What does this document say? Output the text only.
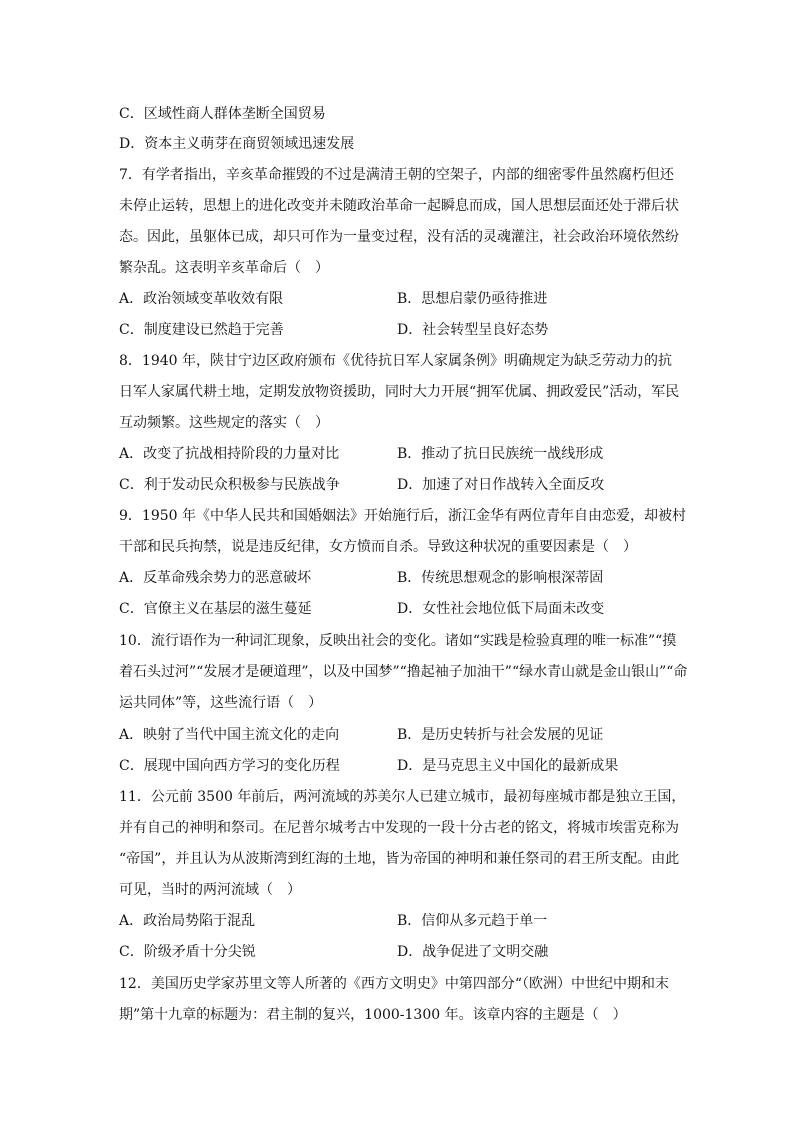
C．区域性商人群体垄断全国贸易
D．资本主义萌芽在商贸领域迅速发展
7．有学者指出，辛亥革命摧毁的不过是满清王朝的空架子，内部的细密零件虽然腐朽但还
未停止运转，思想上的进化改变并未随政治革命一起瞬息而成，国人思想层面还处于滞后状
态。因此，虽躯体已成，却只可作为一量变过程，没有活的灵魂灌注，社会政治环境依然纷
繁杂乱。这表明辛亥革命后（　）
A．政治领域变革收效有限	B．思想启蒙仍亟待推进
C．制度建设已然趋于完善	D．社会转型呈良好态势
8．1940 年，陕甘宁边区政府颁布《优待抗日军人家属条例》明确规定为缺乏劳动力的抗
日军人家属代耕土地，定期发放物资援助，同时大力开展“拥军优属、拥政爱民”活动，军民
互动频繁。这些规定的落实（　）
A．改变了抗战相持阶段的力量对比	B．推动了抗日民族统一战线形成
C．利于发动民众积极参与民族战争	D．加速了对日作战转入全面反攻
9．1950 年《中华人民共和国婚姻法》开始施行后，浙江金华有两位青年自由恋爱，却被村
干部和民兵拘禁，说是违反纪律，女方愤而自杀。导致这种状况的重要因素是（　）
A．反革命残余势力的恶意破坏	B．传统思想观念的影响根深蒂固
C．官僚主义在基层的滋生蔓延	D．女性社会地位低下局面未改变
10．流行语作为一种词汇现象，反映出社会的变化。诸如“实践是检验真理的唯一标准”“摸
着石头过河”“发展才是硬道理”，以及中国梦”“撸起袖子加油干”“绿水青山就是金山银山”“命
运共同体”等，这些流行语（　）
A．映射了当代中国主流文化的走向	B．是历史转折与社会发展的见证
C．展现中国向西方学习的变化历程	D．是马克思主义中国化的最新成果
11．公元前 3500 年前后，两河流域的苏美尔人已建立城市，最初每座城市都是独立王国，
并有自己的神明和祭司。在尼普尔城考古中发现的一段十分古老的铭文，将城市埃雷克称为
“帝国”，并且认为从波斯湾到红海的土地，皆为帝国的神明和兼任祭司的君王所支配。由此
可见，当时的两河流域（　）
A．政治局势陷于混乱	B．信仰从多元趋于单一
C．阶级矛盾十分尖锐	D．战争促进了文明交融
12．美国历史学家苏里文等人所著的《西方文明史》中第四部分“（欧洲）中世纪中期和末
期”第十九章的标题为：君主制的复兴，1000-1300 年。该章内容的主题是（　）
